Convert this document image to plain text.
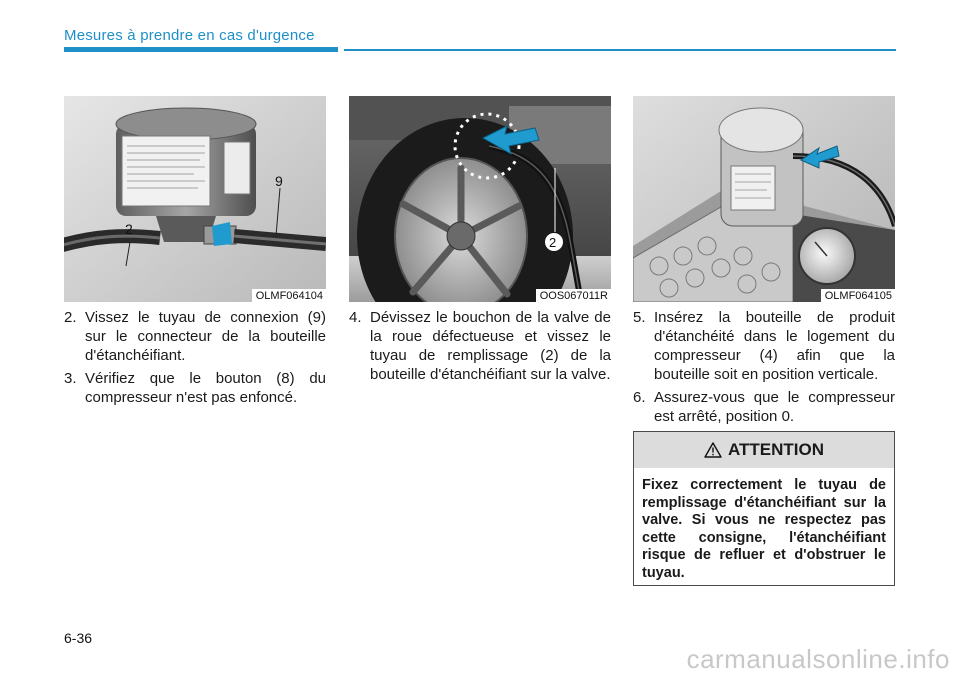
Mesures à prendre en cas d'urgence
9
2
OLMF064104
2
OOS067011R	OLMF064105
2. Vissez le tuyau de connexion (9) sur le connecteur de la bouteille d'étanchéifiant.
3. Vérifiez que le bouton (8) du compresseur n'est pas enfoncé.
4. Dévissez le bouchon de la valve de la roue défectueuse et vissez le tuyau de remplissage (2) de la bouteille d'étanchéifiant sur la valve.
5. Insérez la bouteille de produit d'étanchéité dans le logement du compresseur (4) afin que la bouteille soit en position verticale.
6. Assurez-vous que le compresseur est arrêté, position 0.
ATTENTION
Fixez correctement le tuyau de remplissage d'étanchéifiant sur la valve. Si vous ne respectez pas cette consigne, l'étanchéifiant risque de refluer et d'obstruer le tuyau.
6-36
carmanualsonline.info
